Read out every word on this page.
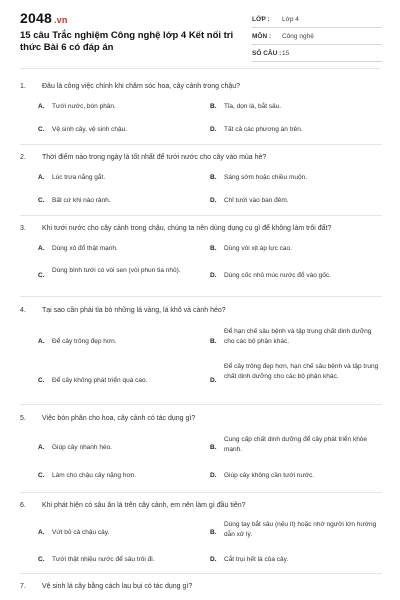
2048 .vn
15 câu Trắc nghiệm Công nghệ lớp 4 Kết nối tri thức Bài 6 có đáp án
LỚP : Lớp 4
MÔN : Công nghệ
SỐ CÂU : 15
1. Đâu là công việc chính khi chăm sóc hoa, cây cảnh trong chậu?
A. Tưới nước, bón phân.	B. Tỉa, dọn lá, bắt sâu.
C. Vệ sinh cây, vệ sinh chậu.	D. Tất cả các phương án trên.
2. Thời điểm nào trong ngày là tốt nhất để tưới nước cho cây vào mùa hè?
A. Lúc trưa nắng gắt.	B. Sáng sớm hoặc chiều muộn.
C. Bất cứ khi nào rảnh.	D. Chỉ tưới vào ban đêm.
3. Khi tưới nước cho cây cảnh trong chậu, chúng ta nên dùng dụng cụ gì để không làm trôi đất?
A. Dùng xô đổ thật mạnh.	B. Dùng vòi xịt áp lực cao.
C.
Dùng bình tưới có vòi sen (vòi phun tia nhỏ).
D. Dùng cốc nhỏ múc nước đổ vào gốc.
4. Tại sao cần phải tỉa bỏ những lá vàng, lá khô và cành héo?
A. Để cây trông đẹp hơn.	B.
Để hạn chế sâu bệnh và tập trung chất dinh dưỡng cho các bộ phận khác.
C. Để cây không phát triển quá cao.	D.
Để cây trông đẹp hơn, hạn chế sâu bệnh và tập trung chất dinh dưỡng cho các bộ phận khác.
5. Việc bón phân cho hoa, cây cảnh có tác dụng gì?
A. Giúp cây nhanh héo.	B.
Cung cấp chất dinh dưỡng để cây phát triển khỏe mạnh.
C. Làm cho chậu cây nặng hơn.	D. Giúp cây không cần tưới nước.
6. Khi phát hiện có sâu ăn lá trên cây cảnh, em nên làm gì đầu tiên?
A. Vứt bỏ cả chậu cây.	B.
Dùng tay bắt sâu (nếu ít) hoặc nhờ người lớn hướng dẫn xử lý.
C. Tưới thật nhiều nước để sâu trôi đi.	D. Cắt trụi hết lá của cây.
7. Vệ sinh lá cây bằng cách lau bụi có tác dụng gì?
